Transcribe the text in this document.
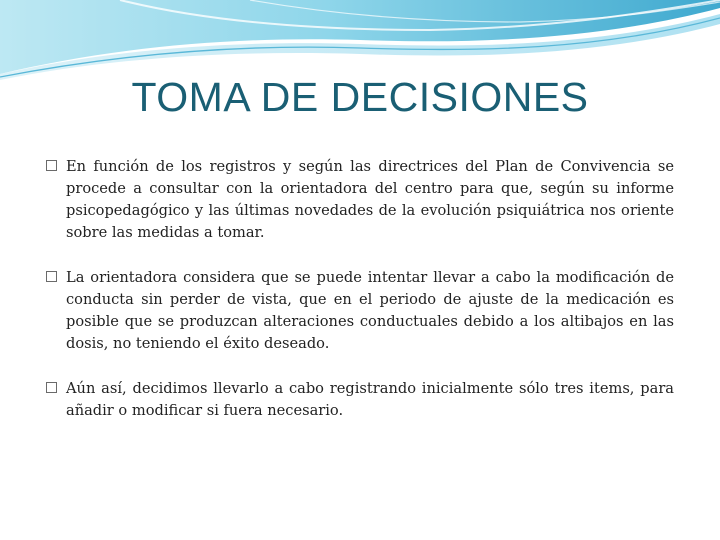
TOMA DE DECISIONES
En función de los registros y según las directrices del Plan de Convivencia se procede a consultar con la orientadora del centro para que, según su informe psicopedagógico y las últimas novedades de la evolución psiquiátrica nos oriente sobre las medidas a tomar.
La orientadora considera que se puede intentar llevar a cabo la modificación de conducta sin perder de vista, que en el periodo de ajuste de la medicación es posible que se produzcan alteraciones conductuales debido a los altibajos en las dosis, no teniendo el éxito deseado.
Aún así, decidimos llevarlo a cabo registrando inicialmente sólo tres items, para añadir o modificar si fuera necesario.
